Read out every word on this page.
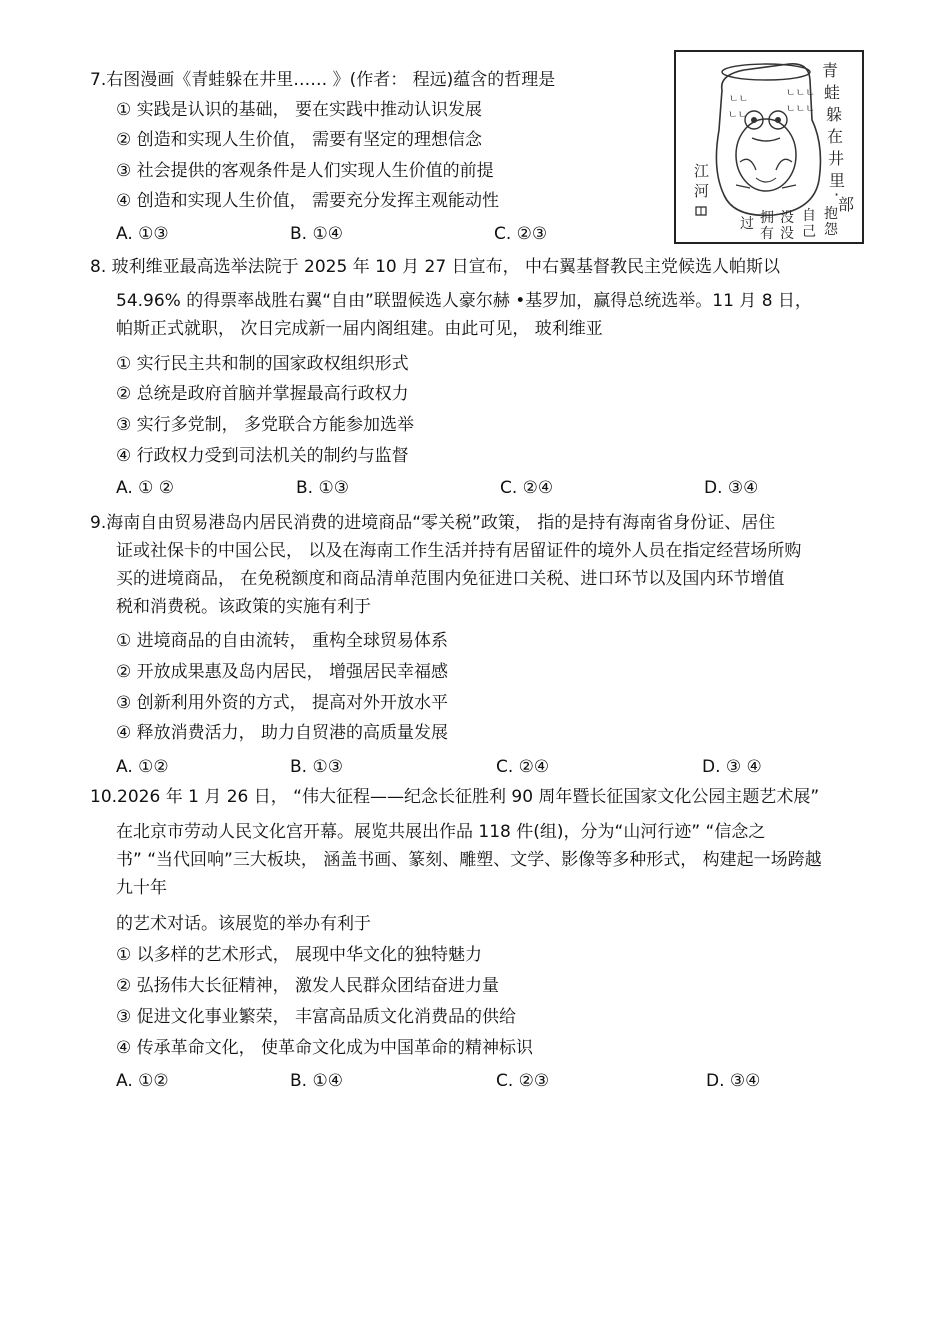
7.右图漫画《青蛙躲在井里…… 》(作者： 程远)蕴含的哲理是
① 实践是认识的基础， 要在实践中推动认识发展
② 创造和实现人生价值， 需要有坚定的理想信念
③ 社会提供的客观条件是人们实现人生价值的前提
④ 创造和实现人生价值， 需要充分发挥主观能动性
A. ①③	B. ①④	C. ②③
ㄴㄴ
ㄴㄴ
ㄴㄴㄴ
ㄴㄴㄴ
青
蛙
躲
在
井
里
·
部
抱
怨
自
己
没
没
拥
有
过
江
河
8. 玻利维亚最高选举法院于 2025 年 10 月 27 日宣布， 中右翼基督教民主党候选人帕斯以
54.96% 的得票率战胜右翼“自由”联盟候选人豪尔赫 •基罗加，赢得总统选举。11 月 8 日，
帕斯正式就职， 次日完成新一届内阁组建。由此可见， 玻利维亚
① 实行民主共和制的国家政权组织形式
② 总统是政府首脑并掌握最高行政权力
③ 实行多党制， 多党联合方能参加选举
④ 行政权力受到司法机关的制约与监督
A. ① ②	B. ①③	C. ②④	D. ③④
9.海南自由贸易港岛内居民消费的进境商品“零关税”政策， 指的是持有海南省身份证、居住
证或社保卡的中国公民， 以及在海南工作生活并持有居留证件的境外人员在指定经营场所购
买的进境商品， 在免税额度和商品清单范围内免征进口关税、进口环节以及国内环节增值
税和消费税。该政策的实施有利于
① 进境商品的自由流转， 重构全球贸易体系
② 开放成果惠及岛内居民， 增强居民幸福感
③ 创新利用外资的方式， 提高对外开放水平
④ 释放消费活力， 助力自贸港的高质量发展
A. ①②	B. ①③	C. ②④	D. ③ ④
10.2026 年 1 月 26 日， “伟大征程——纪念长征胜利 90 周年暨长征国家文化公园主题艺术展”
在北京市劳动人民文化宫开幕。展览共展出作品 118 件(组)，分为“山河行迹” “信念之
书” “当代回响”三大板块， 涵盖书画、篆刻、雕塑、文学、影像等多种形式， 构建起一场跨越
九十年
的艺术对话。该展览的举办有利于
① 以多样的艺术形式， 展现中华文化的独特魅力
② 弘扬伟大长征精神， 激发人民群众团结奋进力量
③ 促进文化事业繁荣， 丰富高品质文化消费品的供给
④ 传承革命文化， 使革命文化成为中国革命的精神标识
A. ①②	B. ①④	C. ②③	D. ③④
